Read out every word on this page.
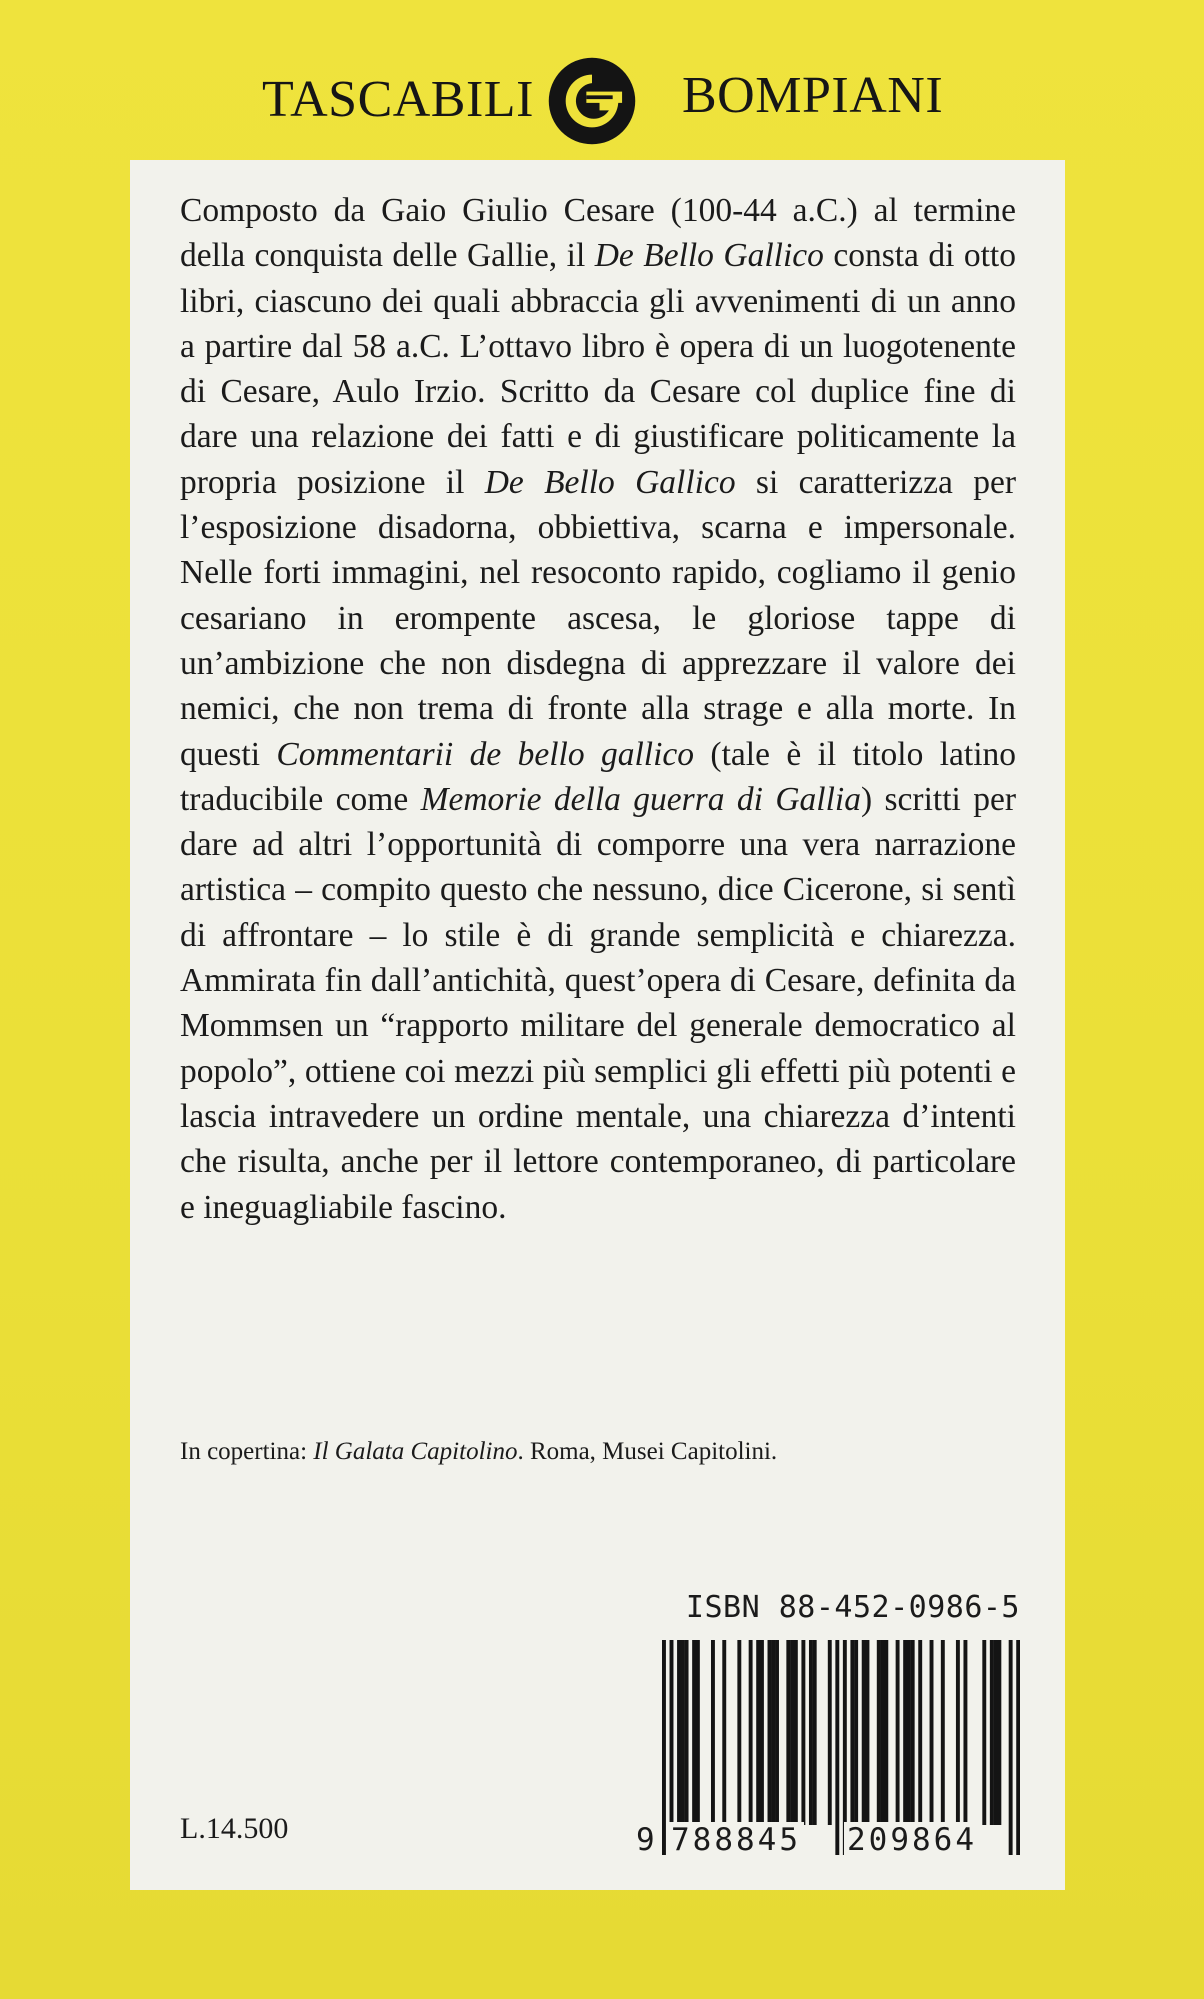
TASCABILI	BOMPIANI
Composto da Gaio Giulio Cesare (100-44 a.C.) al termine della conquista delle Gallie, il De Bello Gallico consta di otto libri, ciascuno dei quali abbraccia gli avvenimenti di un anno a partire dal 58 a.C. L’ottavo libro è opera di un luogotenente di Cesare, Aulo Irzio. Scritto da Cesare col duplice fine di dare una relazione dei fatti e di giustificare politicamente la propria posizione il De Bello Gallico si caratterizza per l’esposizione disadorna, obbiettiva, scarna e impersonale. Nelle forti immagini, nel resoconto rapido, cogliamo il genio cesariano in erompente ascesa, le gloriose tappe di un’ambizione che non disdegna di apprezzare il valore dei nemici, che non trema di fronte alla strage e alla morte. In questi Commentarii de bello gallico (tale è il titolo latino traducibile come Memorie della guerra di Gallia) scritti per dare ad altri l’opportunità di comporre una vera narrazione artistica – compito questo che nessuno, dice Cicerone, si sentì di affrontare – lo stile è di grande semplicità e chiarezza. Ammirata fin dall’antichità, quest’opera di Cesare, definita da Mommsen un “rapporto militare del generale democratico al popolo”, ottiene coi mezzi più semplici gli effetti più potenti e lascia intravedere un ordine mentale, una chiarezza d’intenti che risulta, anche per il lettore contemporaneo, di particolare e ineguagliabile fascino.
In copertina: Il Galata Capitolino. Roma, Musei Capitolini.
L.14.500
ISBN 88-452-0986-5
9 788845 209864
